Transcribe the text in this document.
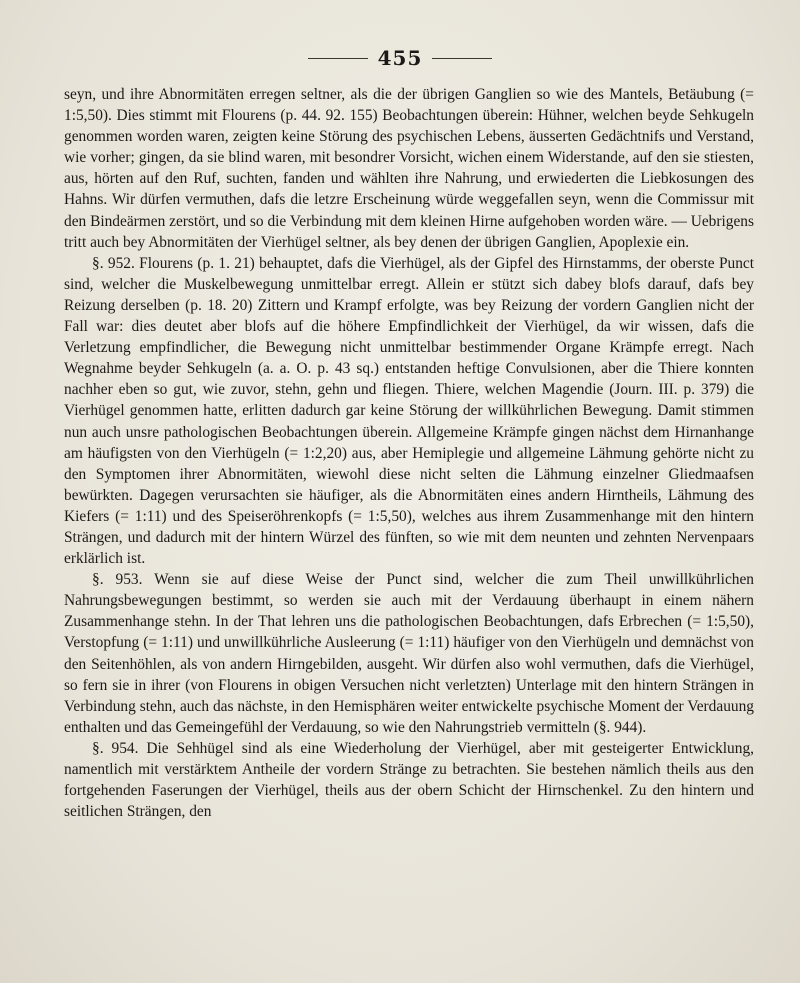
455

seyn, und ihre Abnormitäten erregen seltner, als die der übrigen Ganglien so wie des Mantels, Betäubung (= 1:5,50). Dies stimmt mit Flourens (p. 44. 92. 155) Beobachtungen überein: Hühner, welchen beyde Sehkugeln genommen worden waren, zeigten keine Störung des psychischen Lebens, äusserten Gedächtnifs und Verstand, wie vorher; gingen, da sie blind waren, mit besondrer Vorsicht, wichen einem Widerstande, auf den sie stiesten, aus, hörten auf den Ruf, suchten, fanden und wählten ihre Nahrung, und erwiederten die Liebkosungen des Hahns. Wir dürfen vermuthen, dafs die letzre Erscheinung würde weggefallen seyn, wenn die Commissur mit den Bindeärmen zerstört, und so die Verbindung mit dem kleinen Hirne aufgehoben worden wäre. — Uebrigens tritt auch bey Abnormitäten der Vierhügel seltner, als bey denen der übrigen Ganglien, Apoplexie ein.

§. 952. Flourens (p. 1. 21) behauptet, dafs die Vierhügel, als der Gipfel des Hirnstamms, der oberste Punct sind, welcher die Muskelbewegung unmittelbar erregt. Allein er stützt sich dabey blofs darauf, dafs bey Reizung derselben (p. 18. 20) Zittern und Krampf erfolgte, was bey Reizung der vordern Ganglien nicht der Fall war: dies deutet aber blofs auf die höhere Empfindlichkeit der Vierhügel, da wir wissen, dafs die Verletzung empfindlicher, die Bewegung nicht unmittelbar bestimmender Organe Krämpfe erregt. Nach Wegnahme beyder Sehkugeln (a. a. O. p. 43 sq.) entstanden heftige Convulsionen, aber die Thiere konnten nachher eben so gut, wie zuvor, stehn, gehn und fliegen. Thiere, welchen Magendie (Journ. III. p. 379) die Vierhügel genommen hatte, erlitten dadurch gar keine Störung der willkührlichen Bewegung. Damit stimmen nun auch unsre pathologischen Beobachtungen überein. Allgemeine Krämpfe gingen nächst dem Hirnanhange am häufigsten von den Vierhügeln (= 1:2,20) aus, aber Hemiplegie und allgemeine Lähmung gehörte nicht zu den Symptomen ihrer Abnormitäten, wiewohl diese nicht selten die Lähmung einzelner Gliedmaafsen bewürkten. Dagegen verursachten sie häufiger, als die Abnormitäten eines andern Hirntheils, Lähmung des Kiefers (= 1:11) und des Speiseröhrenkopfs (= 1:5,50), welches aus ihrem Zusammenhange mit den hintern Strängen, und dadurch mit der hintern Würzel des fünften, so wie mit dem neunten und zehnten Nervenpaars erklärlich ist.

§. 953. Wenn sie auf diese Weise der Punct sind, welcher die zum Theil unwillkührlichen Nahrungsbewegungen bestimmt, so werden sie auch mit der Verdauung überhaupt in einem nähern Zusammenhange stehn. In der That lehren uns die pathologischen Beobachtungen, dafs Erbrechen (= 1:5,50), Verstopfung (= 1:11) und unwillkührliche Ausleerung (= 1:11) häufiger von den Vierhügeln und demnächst von den Seitenhöhlen, als von andern Hirngebilden, ausgeht. Wir dürfen also wohl vermuthen, dafs die Vierhügel, so fern sie in ihrer (von Flourens in obigen Versuchen nicht verletzten) Unterlage mit den hintern Strängen in Verbindung stehn, auch das nächste, in den Hemisphären weiter entwickelte psychische Moment der Verdauung enthalten und das Gemeingefühl der Verdauung, so wie den Nahrungstrieb vermitteln (§. 944).

§. 954. Die Sehhügel sind als eine Wiederholung der Vierhügel, aber mit gesteigerter Entwicklung, namentlich mit verstärktem Antheile der vordern Stränge zu betrachten. Sie bestehen nämlich theils aus den fortgehenden Faserungen der Vierhügel, theils aus der obern Schicht der Hirnschenkel. Zu den hintern und seitlichen Strängen, den
